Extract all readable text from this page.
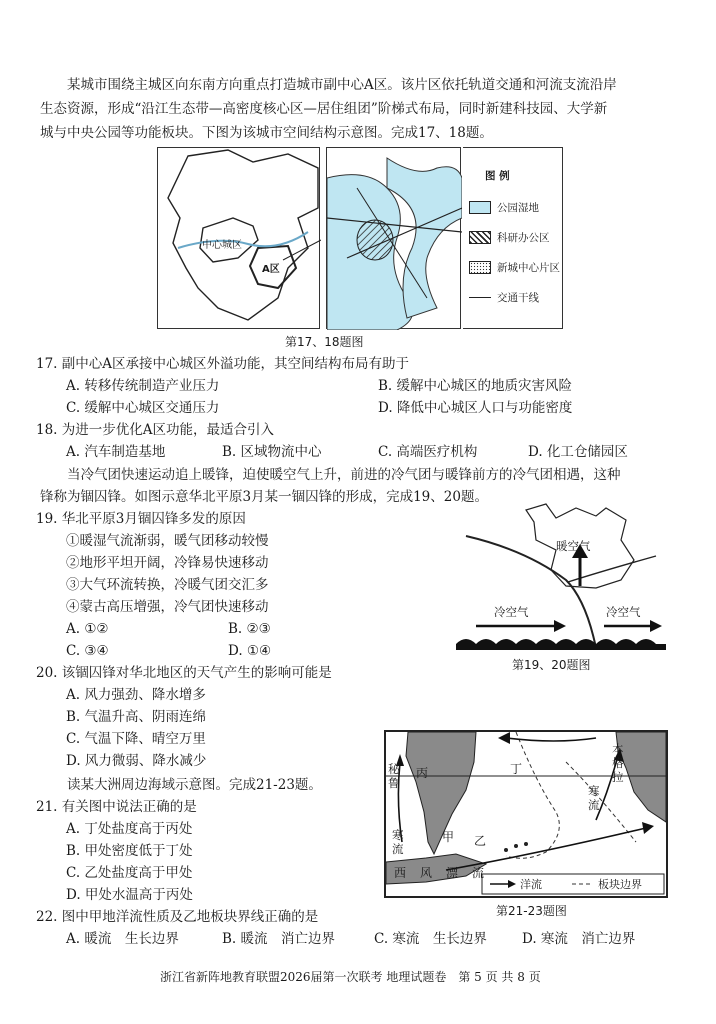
某城市围绕主城区向东南方向重点打造城市副中心A区。该片区依托轨道交通和河流支流沿岸
生态资源，形成“沿江生态带—高密度核心区—居住组团”阶梯式布局，同时新建科技园、大学新
城与中央公园等功能板块。下图为该城市空间结构示意图。完成17、18题。
中心城区
A区
图 例
公园湿地
科研办公区
新城中心片区
交通干线
第17、18题图
17. 副中心A区承接中心城区外溢功能，其空间结构布局有助于
A. 转移传统制造产业压力	B. 缓解中心城区的地质灾害风险
C. 缓解中心城区交通压力	D. 降低中心城区人口与功能密度
18. 为进一步优化A区功能，最适合引入
A. 汽车制造基地	B. 区域物流中心	C. 高端医疗机构	D. 化工仓储园区
当冷气团快速运动追上暖锋，迫使暖空气上升，前进的冷气团与暖锋前方的冷气团相遇，这种
锋称为锢囚锋。如图示意华北平原3月某一锢囚锋的形成，完成19、20题。
19. 华北平原3月锢囚锋多发的原因
①暖湿气流渐弱，暖气团移动较慢
②地形平坦开阔，冷锋易快速移动
③大气环流转换，冷暖气团交汇多
④蒙古高压增强，冷气团快速移动
A. ①②	B. ②③
C. ③④	D. ①④
暖空气
冷空气	冷空气
第19、20题图
20. 该锢囚锋对华北地区的天气产生的影响可能是
A. 风力强劲、降水增多
B. 气温升高、阴雨连绵
C. 气温下降、晴空万里
D. 风力微弱、降水减少
读某大洲周边海域示意图。完成21-23题。
21. 有关图中说法正确的是
A. 丁处盐度高于丙处
B. 甲处密度低于丁处
C. 乙处盐度高于甲处
D. 甲处水温高于丙处
秘鲁
寒流
丙	丁
甲 乙
本格拉
寒流
西风漂流
洋流	板块边界
第21-23题图
22. 图中甲地洋流性质及乙地板块界线正确的是
A. 暖流　生长边界	B. 暖流　消亡边界	C. 寒流　生长边界	D. 寒流　消亡边界
浙江省新阵地教育联盟2026届第一次联考 地理试题卷　第 5 页 共 8 页
